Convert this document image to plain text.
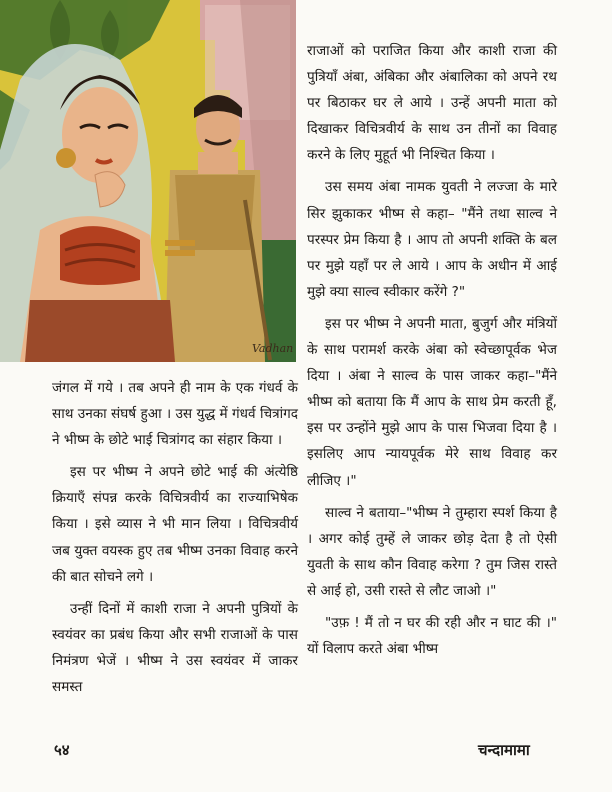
Vadhan

राजाओं को पराजित किया और काशी राजा की पुत्रियाँ अंबा, अंबिका और अंबालिका को अपने रथ पर बिठाकर घर ले आये । उन्हें अपनी माता को दिखाकर विचित्रवीर्य के साथ उन तीनों का विवाह करने के लिए मुहूर्त भी निश्चित किया ।

उस समय अंबा नामक युवती ने लज्जा के मारे सिर झुकाकर भीष्म से कहा– "मैंने तथा साल्व ने परस्पर प्रेम किया है । आप तो अपनी शक्ति के बल पर मुझे यहाँ पर ले आये । आप के अधीन में आई मुझे क्या साल्व स्वीकार करेंगे ?"

इस पर भीष्म ने अपनी माता, बुजुर्ग और मंत्रियों के साथ परामर्श करके अंबा को स्वेच्छापूर्वक भेज दिया । अंबा ने साल्व के पास जाकर कहा–"मैंने भीष्म को बताया कि मैं आप के साथ प्रेम करती हूँ, इस पर उन्होंने मुझे आप के पास भिजवा दिया है । इसलिए आप न्यायपूर्वक मेरे साथ विवाह कर लीजिए ।"

साल्व ने बताया–"भीष्म ने तुम्हारा स्पर्श किया है । अगर कोई तुम्हें ले जाकर छोड़ देता है तो ऐसी युवती के साथ कौन विवाह करेगा ? तुम जिस रास्ते से आई हो, उसी रास्ते से लौट जाओ ।"

"उफ़ ! मैं तो न घर की रही और न घाट की ।" यों विलाप करते अंबा भीष्म

जंगल में गये । तब अपने ही नाम के एक गंधर्व के साथ उनका संघर्ष हुआ । उस युद्ध में गंधर्व चित्रांगद ने भीष्म के छोटे भाई चित्रांगद का संहार किया ।

इस पर भीष्म ने अपने छोटे भाई की अंत्येष्ठि क्रियाएँ संपन्न करके विचित्रवीर्य का राज्याभिषेक किया । इसे व्यास ने भी मान लिया । विचित्रवीर्य जब युक्त वयस्क हुए तब भीष्म उनका विवाह करने की बात सोचने लगे ।

उन्हीं दिनों में काशी राजा ने अपनी पुत्रियों के स्वयंवर का प्रबंध किया और सभी राजाओं के पास निमंत्रण भेजें । भीष्म ने उस स्वयंवर में जाकर समस्त

५४	चन्दामामा
